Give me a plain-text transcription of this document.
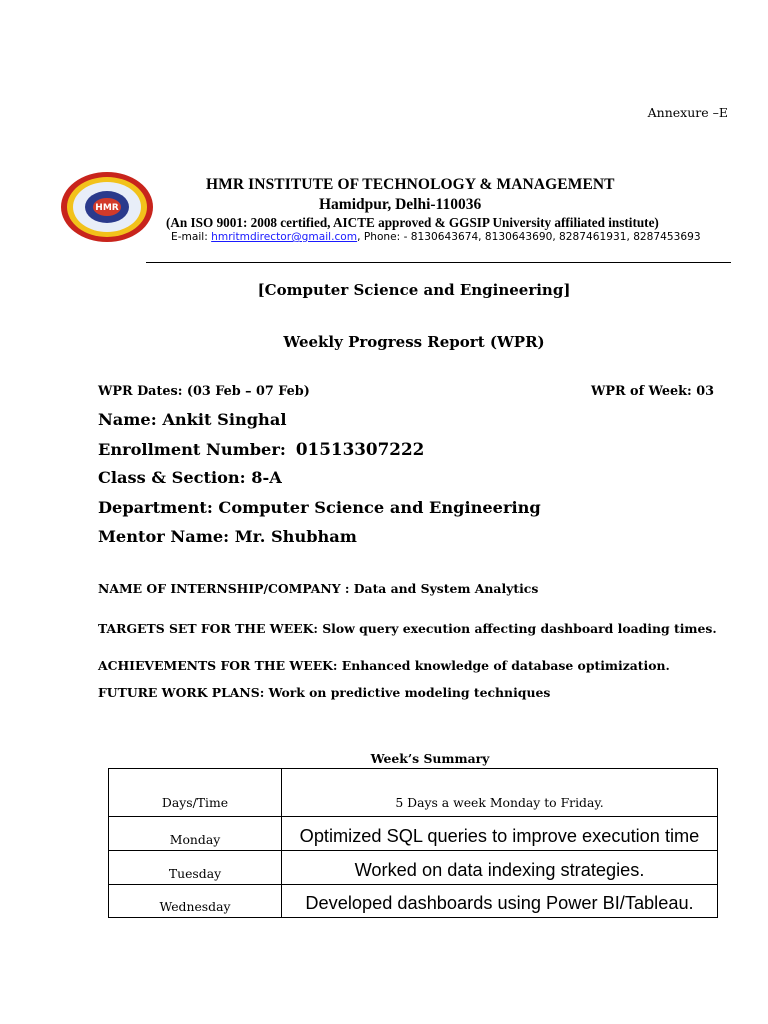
Annexure –E
HMR
HMR INSTITUTE OF TECHNOLOGY & MANAGEMENT
Hamidpur, Delhi-110036
(An ISO 9001: 2008 certified, AICTE approved & GGSIP University affiliated institute)
E-mail: hmritmdirector@gmail.com, Phone: - 8130643674, 8130643690, 8287461931, 8287453693
[Computer Science and Engineering]
Weekly Progress Report (WPR)
WPR Dates: (03 Feb – 07 Feb)	WPR of Week: 03
Name: Ankit Singhal
Enrollment Number: 01513307222
Class & Section: 8-A
Department: Computer Science and Engineering
Mentor Name: Mr. Shubham
NAME OF INTERNSHIP/COMPANY : Data and System Analytics
TARGETS SET FOR THE WEEK: Slow query execution affecting dashboard loading times.
ACHIEVEMENTS FOR THE WEEK: Enhanced knowledge of database optimization.
FUTURE WORK PLANS: Work on predictive modeling techniques
Week’s Summary
Days/Time	5 Days a week Monday to Friday.

Monday	Optimized SQL queries to improve execution time

Tuesday	Worked on data indexing strategies.

Wednesday	Developed dashboards using Power BI/Tableau.
